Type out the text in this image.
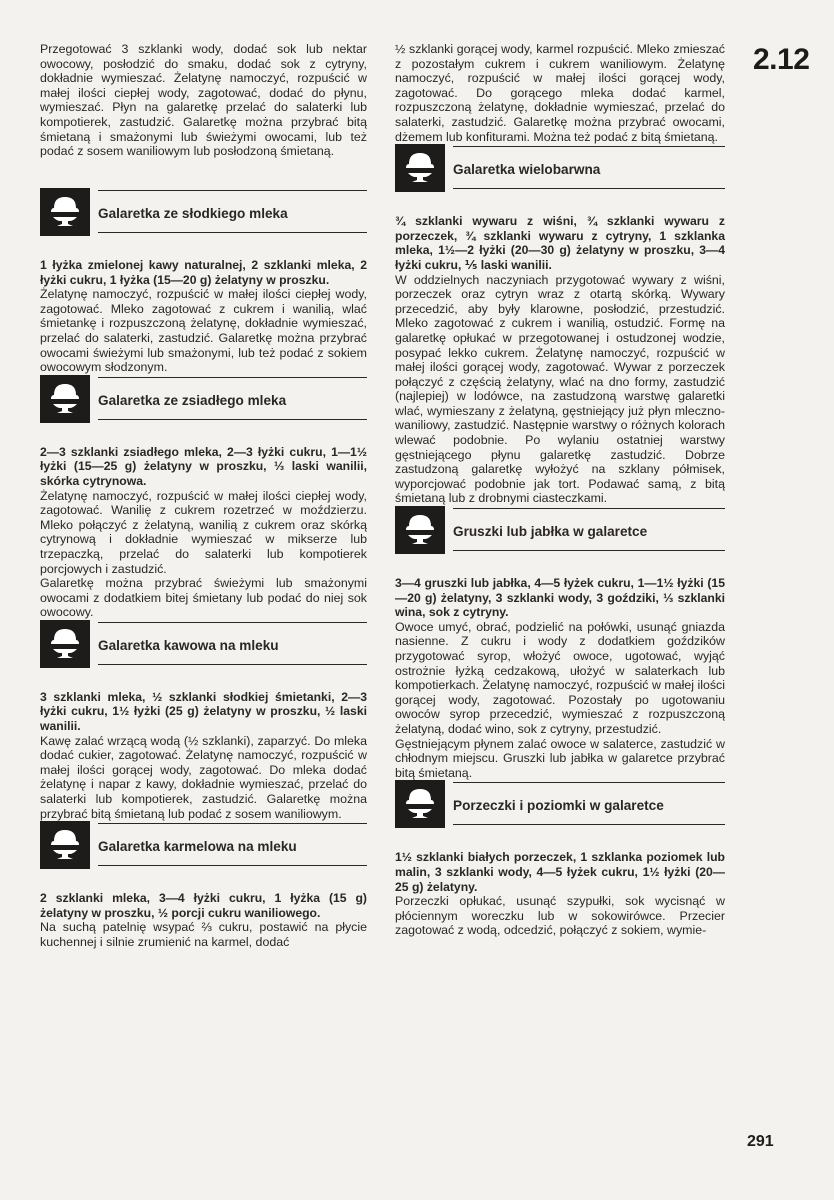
2.12
291

Przegotować 3 szklanki wody, dodać sok lub nektar owocowy, posłodzić do smaku, dodać sok z cytryny, dokładnie wymieszać. Żelatynę namoczyć, rozpuścić w małej ilości ciepłej wody, zagotować, dodać do płynu, wymieszać. Płyn na galaretkę przelać do salaterki lub kompotierek, zastudzić. Galaretkę można przybrać bitą śmietaną i smażonymi lub świeżymi owocami, lub też podać z sosem waniliowym lub posłodzoną śmietaną.

Galaretka ze słodkiego mleka

1 łyżka zmielonej kawy naturalnej, 2 szklanki mleka, 2 łyżki cukru, 1 łyżka (15—20 g) żelatyny w proszku.

Żelatynę namoczyć, rozpuścić w małej ilości ciepłej wody, zagotować. Mleko zagotować z cukrem i wanilią, wlać śmietankę i rozpuszczoną żelatynę, dokładnie wymieszać, przelać do salaterki, zastudzić. Galaretkę można przybrać owocami świeżymi lub smażonymi, lub też podać z sokiem owocowym słodzonym.

Galaretka ze zsiadłego mleka

2—3 szklanki zsiadłego mleka, 2—3 łyżki cukru, 1—1½ łyżki (15—25 g) żelatyny w proszku, ⅓ laski wanilii, skórka cytrynowa.

Żelatynę namoczyć, rozpuścić w małej ilości ciepłej wody, zagotować. Wanilię z cukrem rozetrzeć w moździerzu. Mleko połączyć z żelatyną, wanilią z cukrem oraz skórką cytrynową i dokładnie wymieszać w mikserze lub trzepaczką, przelać do salaterki lub kompotierek porcjowych i zastudzić.
Galaretkę można przybrać świeżymi lub smażonymi owocami z dodatkiem bitej śmietany lub podać do niej sok owocowy.

Galaretka kawowa na mleku

3 szklanki mleka, ½ szklanki słodkiej śmietanki, 2—3 łyżki cukru, 1½ łyżki (25 g) żelatyny w proszku, ½ laski wanilii.

Kawę zalać wrzącą wodą (½ szklanki), zaparzyć. Do mleka dodać cukier, zagotować. Żelatynę namoczyć, rozpuścić w małej ilości gorącej wody, zagotować. Do mleka dodać żelatynę i napar z kawy, dokładnie wymieszać, przelać do salaterki lub kompotierek, zastudzić. Galaretkę można przybrać bitą śmietaną lub podać z sosem waniliowym.

Galaretka karmelowa na mleku

2 szklanki mleka, 3—4 łyżki cukru, 1 łyżka (15 g) żelatyny w proszku, ½ porcji cukru waniliowego.

Na suchą patelnię wsypać ⅔ cukru, postawić na płycie kuchennej i silnie zrumienić na karmel, dodać

½ szklanki gorącej wody, karmel rozpuścić. Mleko zmieszać z pozostałym cukrem i cukrem waniliowym. Żelatynę namoczyć, rozpuścić w małej ilości gorącej wody, zagotować. Do gorącego mleka dodać karmel, rozpuszczoną żelatynę, dokładnie wymieszać, przelać do salaterki, zastudzić. Galaretkę można przybrać owocami, dżemem lub konfiturami. Można też podać z bitą śmietaną.

Galaretka wielobarwna

¾ szklanki wywaru z wiśni, ¾ szklanki wywaru z porzeczek, ¾ szklanki wywaru z cytryny, 1 szklanka mleka, 1½—2 łyżki (20—30 g) żelatyny w proszku, 3—4 łyżki cukru, ⅕ laski wanilii.

W oddzielnych naczyniach przygotować wywary z wiśni, porzeczek oraz cytryn wraz z otartą skórką. Wywary przecedzić, aby były klarowne, posłodzić, przestudzić. Mleko zagotować z cukrem i wanilią, ostudzić. Formę na galaretkę opłukać w przegotowanej i ostudzonej wodzie, posypać lekko cukrem. Żelatynę namoczyć, rozpuścić w małej ilości gorącej wody, zagotować. Wywar z porzeczek połączyć z częścią żelatyny, wlać na dno formy, zastudzić (najlepiej) w lodówce, na zastudzoną warstwę galaretki wlać, wymieszany z żelatyną, gęstniejący już płyn mleczno-waniliowy, zastudzić. Następnie warstwy o różnych kolorach wlewać podobnie. Po wylaniu ostatniej warstwy gęstniejącego płynu galaretkę zastudzić. Dobrze zastudzoną galaretkę wyłożyć na szklany półmisek, wyporcjować podobnie jak tort. Podawać samą, z bitą śmietaną lub z drobnymi ciasteczkami.

Gruszki lub jabłka w galaretce

3—4 gruszki lub jabłka, 4—5 łyżek cukru, 1—1½ łyżki (15—20 g) żelatyny, 3 szklanki wody, 3 goździki, ⅓ szklanki wina, sok z cytryny.

Owoce umyć, obrać, podzielić na połówki, usunąć gniazda nasienne. Z cukru i wody z dodatkiem goździków przygotować syrop, włożyć owoce, ugotować, wyjąć ostrożnie łyżką cedzakową, ułożyć w salaterkach lub kompotierkach. Żelatynę namoczyć, rozpuścić w małej ilości gorącej wody, zagotować. Pozostały po ugotowaniu owoców syrop przecedzić, wymieszać z rozpuszczoną żelatyną, dodać wino, sok z cytryny, przestudzić.
Gęstniejącym płynem zalać owoce w salaterce, zastudzić w chłodnym miejscu. Gruszki lub jabłka w galaretce przybrać bitą śmietaną.

Porzeczki i poziomki w galaretce

1½ szklanki białych porzeczek, 1 szklanka poziomek lub malin, 3 szklanki wody, 4—5 łyżek cukru, 1½ łyżki (20—25 g) żelatyny.

Porzeczki opłukać, usunąć szypułki, sok wycisnąć w płóciennym woreczku lub w sokowirówce. Przecier zagotować z wodą, odcedzić, połączyć z sokiem, wymie-
